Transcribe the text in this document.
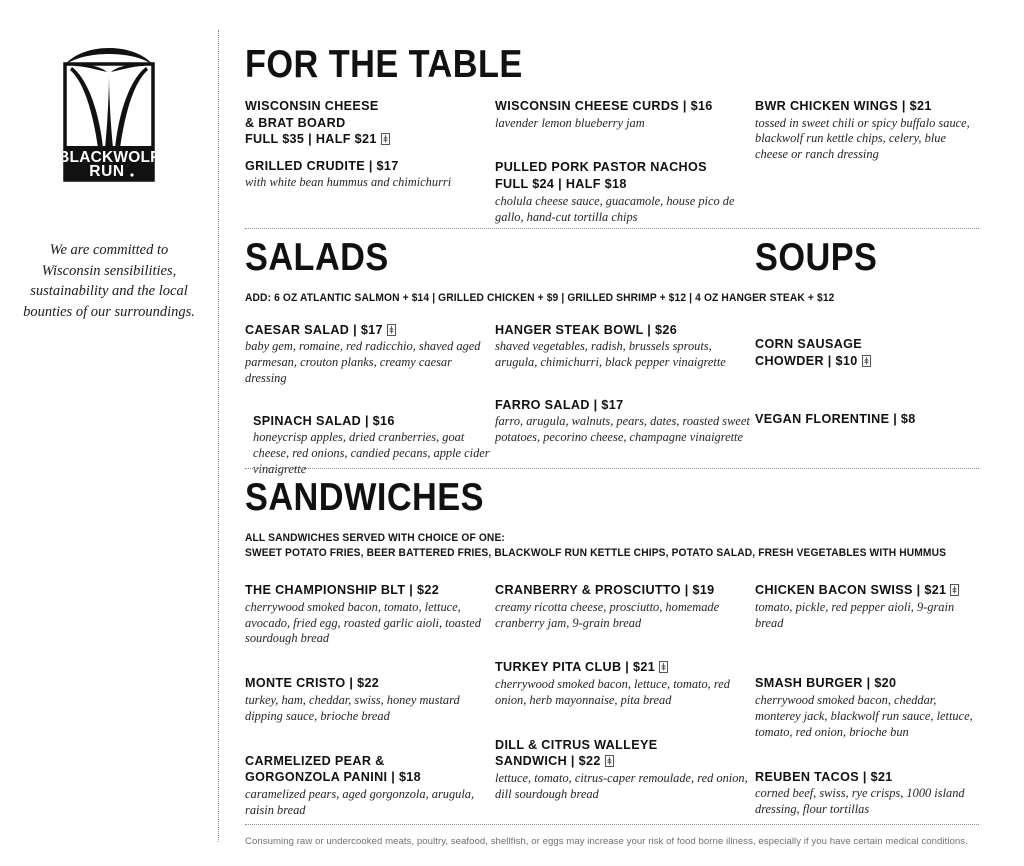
BLACKWOLF
RUN
We are committed to Wisconsin sensibilities, sustainability and the local bounties of our surroundings.
FOR THE TABLE

WISCONSIN CHEESE
& BRAT BOARD
FULL $35 | HALF $21

GRILLED CRUDITE | $17

with white bean hummus and chimichurri

WISCONSIN CHEESE CURDS | $16

lavender lemon blueberry jam

PULLED PORK PASTOR NACHOS
FULL $24 | HALF $18

cholula cheese sauce, guacamole, house pico de gallo, hand-cut tortilla chips

BWR CHICKEN WINGS | $21

tossed in sweet chili or spicy buffalo sauce, blackwolf run kettle chips, celery, blue cheese or ranch dressing

SALADS

ADD: 6 OZ ATLANTIC SALMON + $14 | GRILLED CHICKEN + $9 | GRILLED SHRIMP + $12 | 4 OZ HANGER STEAK + $12

CAESAR SALAD | $17

baby gem, romaine, red radicchio, shaved aged parmesan, crouton planks, creamy caesar dressing

SPINACH SALAD | $16

honeycrisp apples, dried cranberries, goat cheese, red onions, candied pecans, apple cider vinaigrette

HANGER STEAK BOWL | $26

shaved vegetables, radish, brussels sprouts, arugula, chimichurri, black pepper vinaigrette

FARRO SALAD | $17

farro, arugula, walnuts, pears, dates, roasted sweet potatoes, pecorino cheese, champagne vinaigrette

SOUPS

CORN SAUSAGE
CHOWDER | $10

VEGAN FLORENTINE | $8

SANDWICHES

ALL SANDWICHES SERVED WITH CHOICE OF ONE:

SWEET POTATO FRIES, BEER BATTERED FRIES, BLACKWOLF RUN KETTLE CHIPS, POTATO SALAD, FRESH VEGETABLES WITH HUMMUS

THE CHAMPIONSHIP BLT | $22

cherrywood smoked bacon, tomato, lettuce, avocado, fried egg, roasted garlic aioli, toasted sourdough bread

MONTE CRISTO | $22

turkey, ham, cheddar, swiss, honey mustard dipping sauce, brioche bread

CARMELIZED PEAR &
GORGONZOLA PANINI | $18

caramelized pears, aged gorgonzola, arugula, raisin bread

CRANBERRY & PROSCIUTTO | $19

creamy ricotta cheese, prosciutto, homemade cranberry jam, 9-grain bread

TURKEY PITA CLUB | $21

cherrywood smoked bacon, lettuce, tomato, red onion, herb mayonnaise, pita bread

DILL & CITRUS WALLEYE
SANDWICH | $22

lettuce, tomato, citrus-caper remoulade, red onion, dill sourdough bread

CHICKEN BACON SWISS | $21

tomato, pickle, red pepper aioli, 9-grain bread

SMASH BURGER | $20

cherrywood smoked bacon, cheddar, monterey jack, blackwolf run sauce, lettuce, tomato, red onion, brioche bun

REUBEN TACOS | $21

corned beef, swiss, rye crisps, 1000 island dressing, flour tortillas

Consuming raw or undercooked meats, poultry, seafood, shellfish, or eggs may increase your risk of food borne illness, especially if you have certain medical conditions.
